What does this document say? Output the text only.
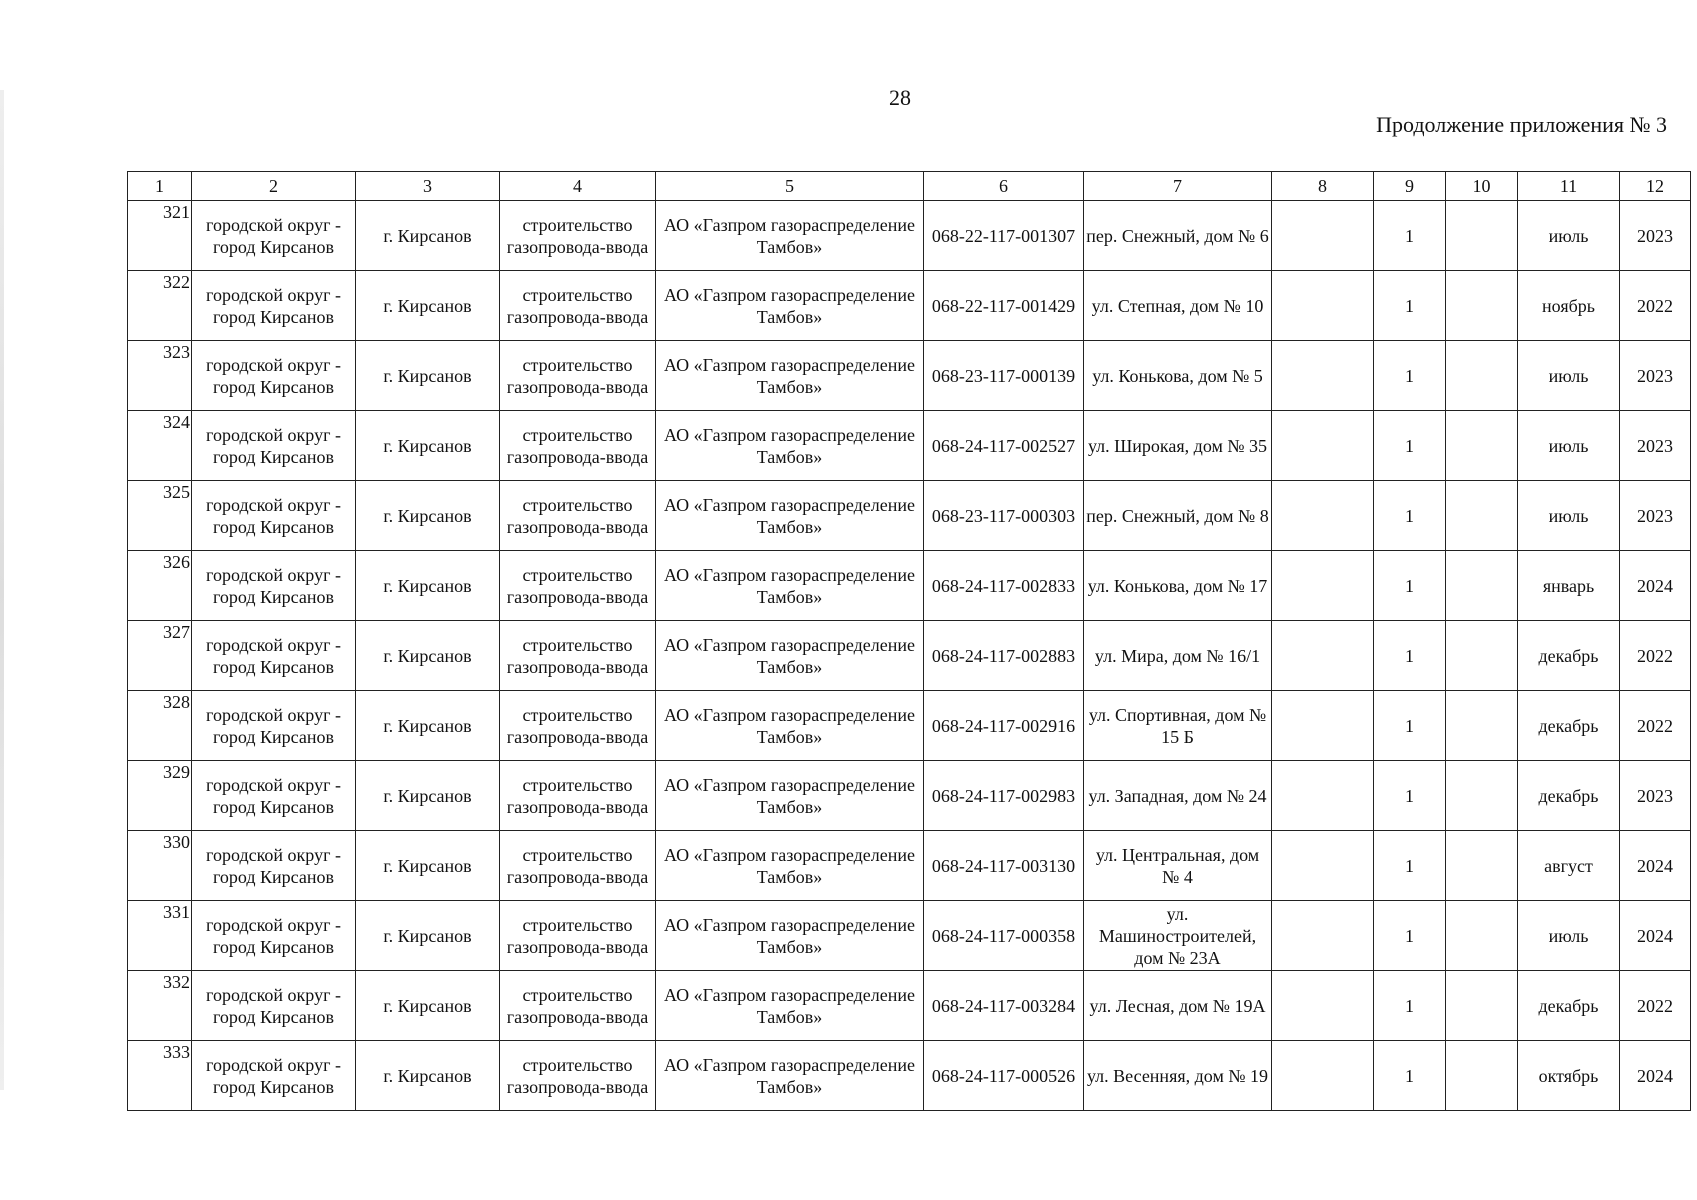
28
Продолжение приложения № 3
1	2	3	4	5	6	7	8	9	10	11	12
321	городской округ - город Кирсанов	г. Кирсанов	строительство газопровода-ввода	АО «Газпром газораспределение Тамбов»	068-22-117-001307	пер. Снежный, дом № 6		1		июль	2023
322	городской округ - город Кирсанов	г. Кирсанов	строительство газопровода-ввода	АО «Газпром газораспределение Тамбов»	068-22-117-001429	ул. Степная, дом № 10		1		ноябрь	2022
323	городской округ - город Кирсанов	г. Кирсанов	строительство газопровода-ввода	АО «Газпром газораспределение Тамбов»	068-23-117-000139	ул. Конькова, дом № 5		1		июль	2023
324	городской округ - город Кирсанов	г. Кирсанов	строительство газопровода-ввода	АО «Газпром газораспределение Тамбов»	068-24-117-002527	ул. Широкая, дом № 35		1		июль	2023
325	городской округ - город Кирсанов	г. Кирсанов	строительство газопровода-ввода	АО «Газпром газораспределение Тамбов»	068-23-117-000303	пер. Снежный, дом № 8		1		июль	2023
326	городской округ - город Кирсанов	г. Кирсанов	строительство газопровода-ввода	АО «Газпром газораспределение Тамбов»	068-24-117-002833	ул. Конькова, дом № 17		1		январь	2024
327	городской округ - город Кирсанов	г. Кирсанов	строительство газопровода-ввода	АО «Газпром газораспределение Тамбов»	068-24-117-002883	ул. Мира, дом № 16/1		1		декабрь	2022
328	городской округ - город Кирсанов	г. Кирсанов	строительство газопровода-ввода	АО «Газпром газораспределение Тамбов»	068-24-117-002916	ул. Спортивная, дом № 15 Б		1		декабрь	2022
329	городской округ - город Кирсанов	г. Кирсанов	строительство газопровода-ввода	АО «Газпром газораспределение Тамбов»	068-24-117-002983	ул. Западная, дом № 24		1		декабрь	2023
330	городской округ - город Кирсанов	г. Кирсанов	строительство газопровода-ввода	АО «Газпром газораспределение Тамбов»	068-24-117-003130	ул. Центральная, дом № 4		1		август	2024
331	городской округ - город Кирсанов	г. Кирсанов	строительство газопровода-ввода	АО «Газпром газораспределение Тамбов»	068-24-117-000358	ул. Машиностроителей, дом № 23А		1		июль	2024
332	городской округ - город Кирсанов	г. Кирсанов	строительство газопровода-ввода	АО «Газпром газораспределение Тамбов»	068-24-117-003284	ул. Лесная, дом № 19А		1		декабрь	2022
333	городской округ - город Кирсанов	г. Кирсанов	строительство газопровода-ввода	АО «Газпром газораспределение Тамбов»	068-24-117-000526	ул. Весенняя, дом № 19		1		октябрь	2024
